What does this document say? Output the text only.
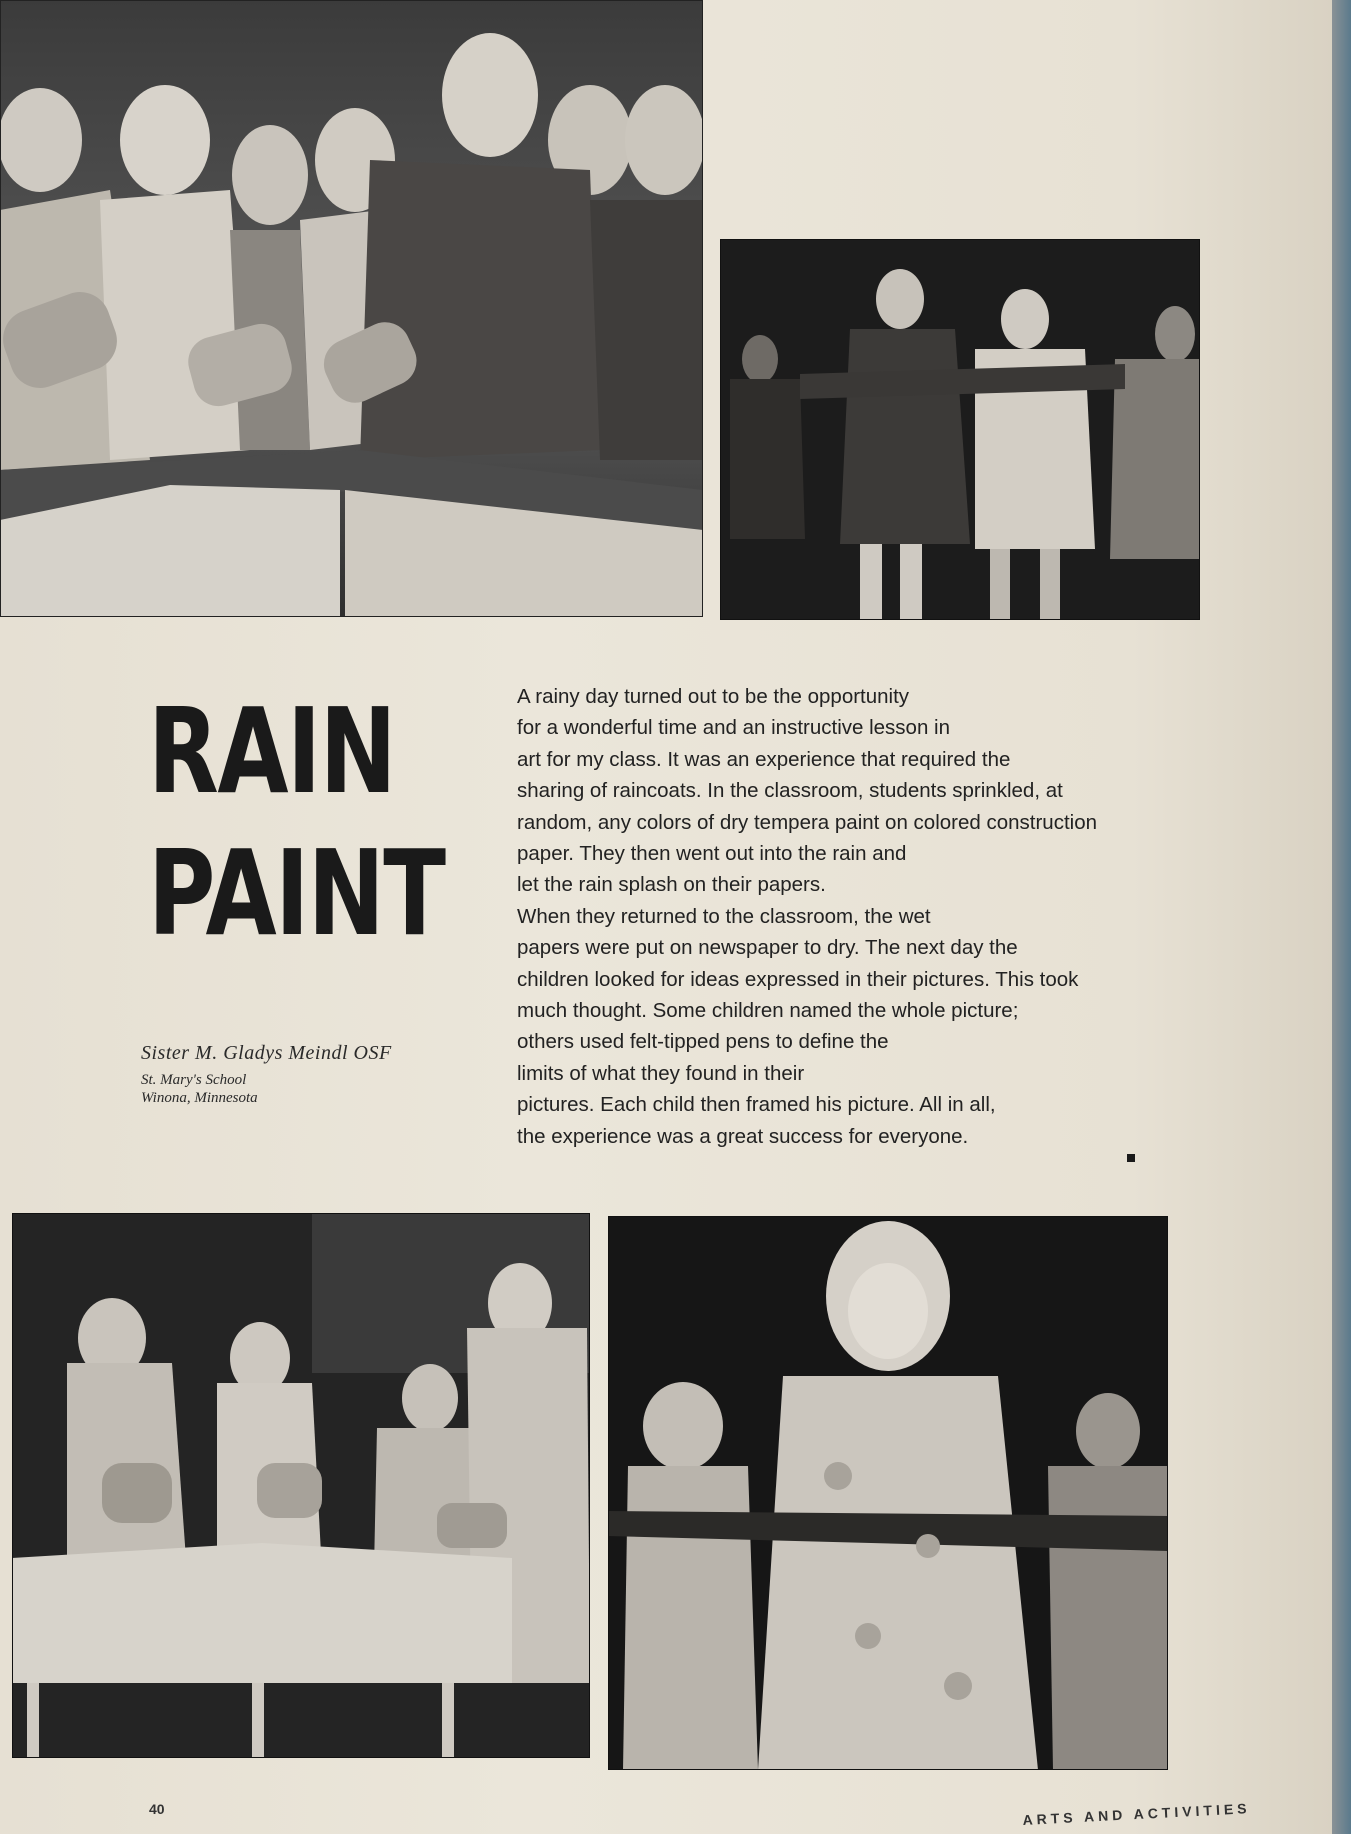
RAIN
PAINT
Sister M. Gladys Meindl OSF
St. Mary's School
Winona, Minnesota
A rainy day turned out to be the opportunity
for a wonderful time and an instructive lesson in
art for my class. It was an experience that required the
sharing of raincoats. In the classroom, students sprinkled, at
random, any colors of dry tempera paint on colored construction
paper. They then went out into the rain and
let the rain splash on their papers.
When they returned to the classroom, the wet
papers were put on newspaper to dry. The next day the
children looked for ideas expressed in their pictures. This took
much thought. Some children named the whole picture;
others used felt-tipped pens to define the
limits of what they found in their
pictures. Each child then framed his picture. All in all,
the experience was a great success for everyone.
40	ARTS AND ACTIVITIES
